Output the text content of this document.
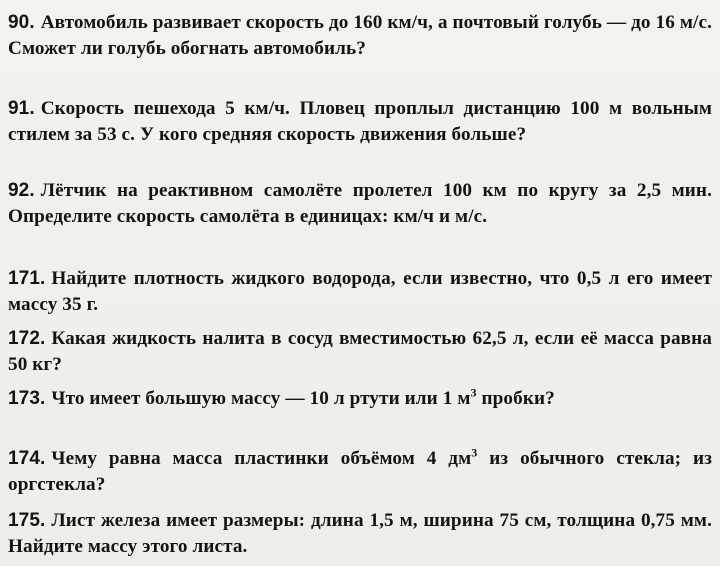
90. Автомобиль развивает скорость до 160 км/ч, а почтовый голубь — до 16 м/с. Сможет ли голубь обогнать автомобиль?
91. Скорость пешехода 5 км/ч. Пловец проплыл дистанцию 100 м вольным стилем за 53 с. У кого средняя скорость движения больше?
92. Лётчик на реактивном самолёте пролетел 100 км по кругу за 2,5 мин. Определите скорость самолёта в единицах: км/ч и м/с.
171. Найдите плотность жидкого водорода, если известно, что 0,5 л его имеет массу 35 г.
172. Какая жидкость налита в сосуд вместимостью 62,5 л, если её масса равна 50 кг?
173. Что имеет большую массу — 10 л ртути или 1 $м^3$ пробки?
174. Чему равна масса пластинки объёмом 4 $дм^3$ из обычного стекла; из оргстекла?
175. Лист железа имеет размеры: длина 1,5 м, ширина 75 см, толщина 0,75 мм. Найдите массу этого листа.
